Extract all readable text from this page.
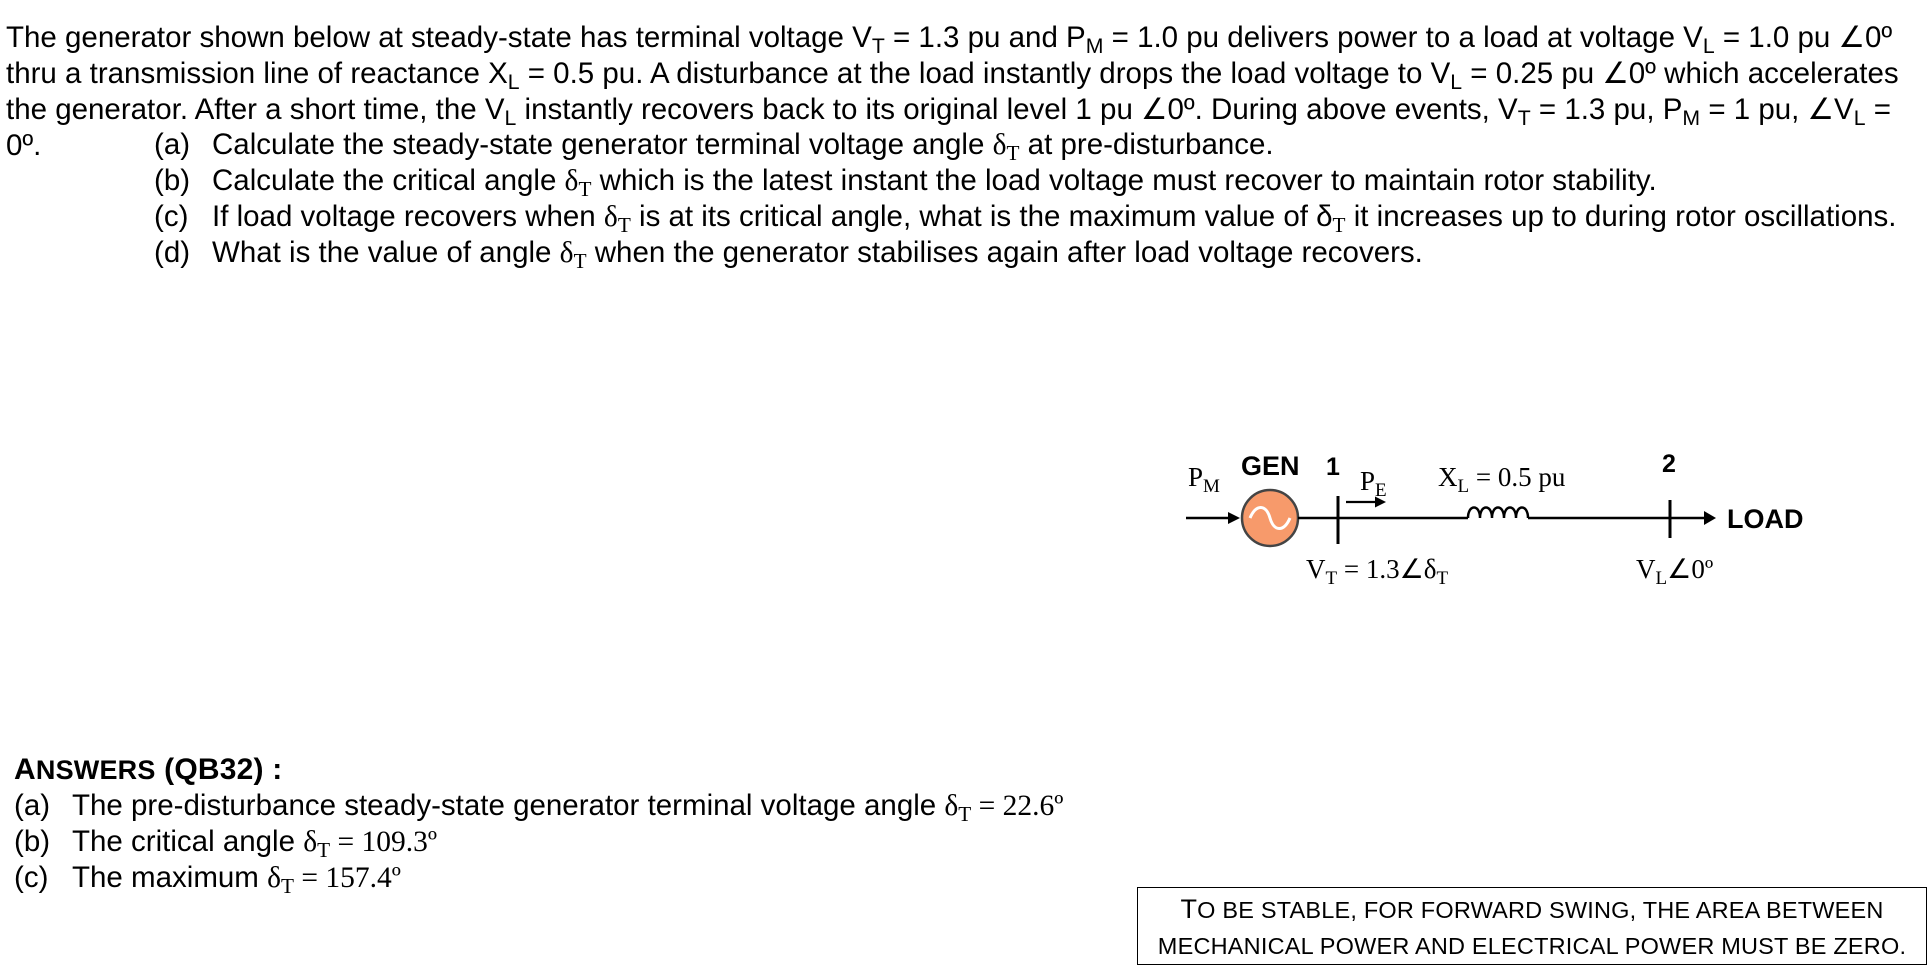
The generator shown below at steady-state has terminal voltage $V_T = 1.3$ pu and $P_M = 1.0$ pu delivers power to a load at voltage $V_L = 1.0$ pu ∠0º thru a transmission line of reactance $X_L = 0.5$ pu. A disturbance at the load instantly drops the load voltage to $V_L = 0.25$ pu ∠0º which accelerates the generator. After a short time, the $V_L$ instantly recovers back to its original level 1 pu ∠0º. During above events, $V_T = 1.3$ pu, $P_M = 1$ pu, $\angle V_L$ = 0º.	(a) Calculate the steady-state generator terminal voltage angle $\delta_T$ at pre-disturbance.
(b) Calculate the critical angle $\delta_T$ which is the latest instant the load voltage must recover to maintain rotor stability.
(c) If load voltage recovers when $\delta_T$ is at its critical angle, what is the maximum value of $\delta_T$ it increases up to during rotor oscillations.
(d) What is the value of angle $\delta_T$ when the generator stabilises again after load voltage recovers.
$P_M$
GEN 1 $P_E$ $X_L = 0.5$ pu	2
LOAD
$V_T$ = $1.3\angle\delta_T$	$V_L\angle 0º$
ANSWERS (QB32) :
(a) The pre-disturbance steady-state generator terminal voltage angle $\delta_T$ = 22.6º
(b) The critical angle $\delta_T$ = 109.3º
(c) The maximum $\delta_T$ = 157.4º
TO BE STABLE, FOR FORWARD SWING, THE AREA BETWEEN
MECHANICAL POWER AND ELECTRICAL POWER MUST BE ZERO.
